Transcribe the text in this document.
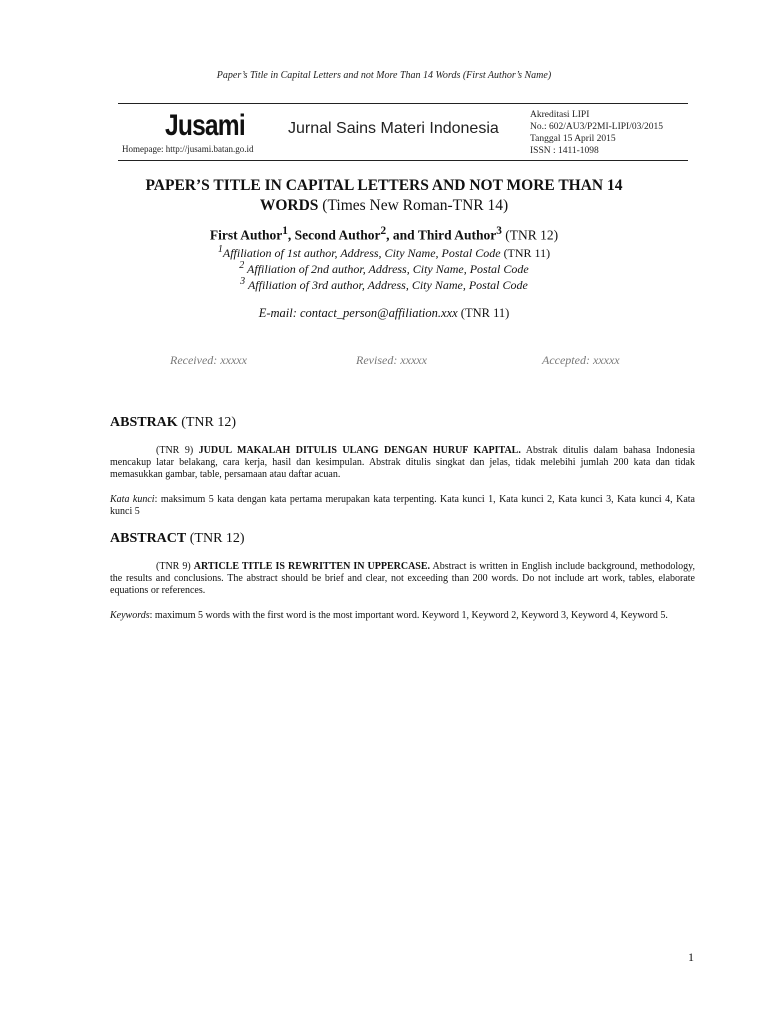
Paper’s Title in Capital Letters and not More Than 14 Words (First Author’s Name)
Jusami
Homepage: http://jusami.batan.go.id
Jurnal Sains Materi Indonesia
Akreditasi LIPI
No.: 602/AU3/P2MI-LIPI/03/2015
Tanggal 15 April 2015
ISSN : 1411-1098
PAPER’S TITLE IN CAPITAL LETTERS AND NOT MORE THAN 14
WORDS (Times New Roman-TNR 14)
First Author$^1$, Second Author$^2$, and Third Author$^3$ (TNR 12)
$^1$Affiliation of 1st author, Address, City Name, Postal Code (TNR 11)
$^2$ Affiliation of 2nd author, Address, City Name, Postal Code
$^3$ Affiliation of 3rd author, Address, City Name, Postal Code
E-mail: contact_person@affiliation.xxx (TNR 11)
Received: xxxxx	Revised: xxxxx	Accepted: xxxxx
ABSTRAK (TNR 12)
(TNR 9) JUDUL MAKALAH DITULIS ULANG DENGAN HURUF KAPITAL. Abstrak ditulis dalam bahasa Indonesia mencakup latar belakang, cara kerja, hasil dan kesimpulan. Abstrak ditulis singkat dan jelas, tidak melebihi jumlah 200 kata dan tidak memasukkan gambar, table, persamaan atau daftar acuan.
Kata kunci: maksimum 5 kata dengan kata pertama merupakan kata terpenting. Kata kunci 1, Kata kunci 2, Kata kunci 3, Kata kunci 4, Kata kunci 5
ABSTRACT (TNR 12)
(TNR 9) ARTICLE TITLE IS REWRITTEN IN UPPERCASE. Abstract is written in English include background, methodology, the results and conclusions. The abstract should be brief and clear, not exceeding than 200 words. Do not include art work, tables, elaborate equations or references.
Keywords: maximum 5 words with the first word is the most important word. Keyword 1, Keyword 2, Keyword 3, Keyword 4, Keyword 5.
1
